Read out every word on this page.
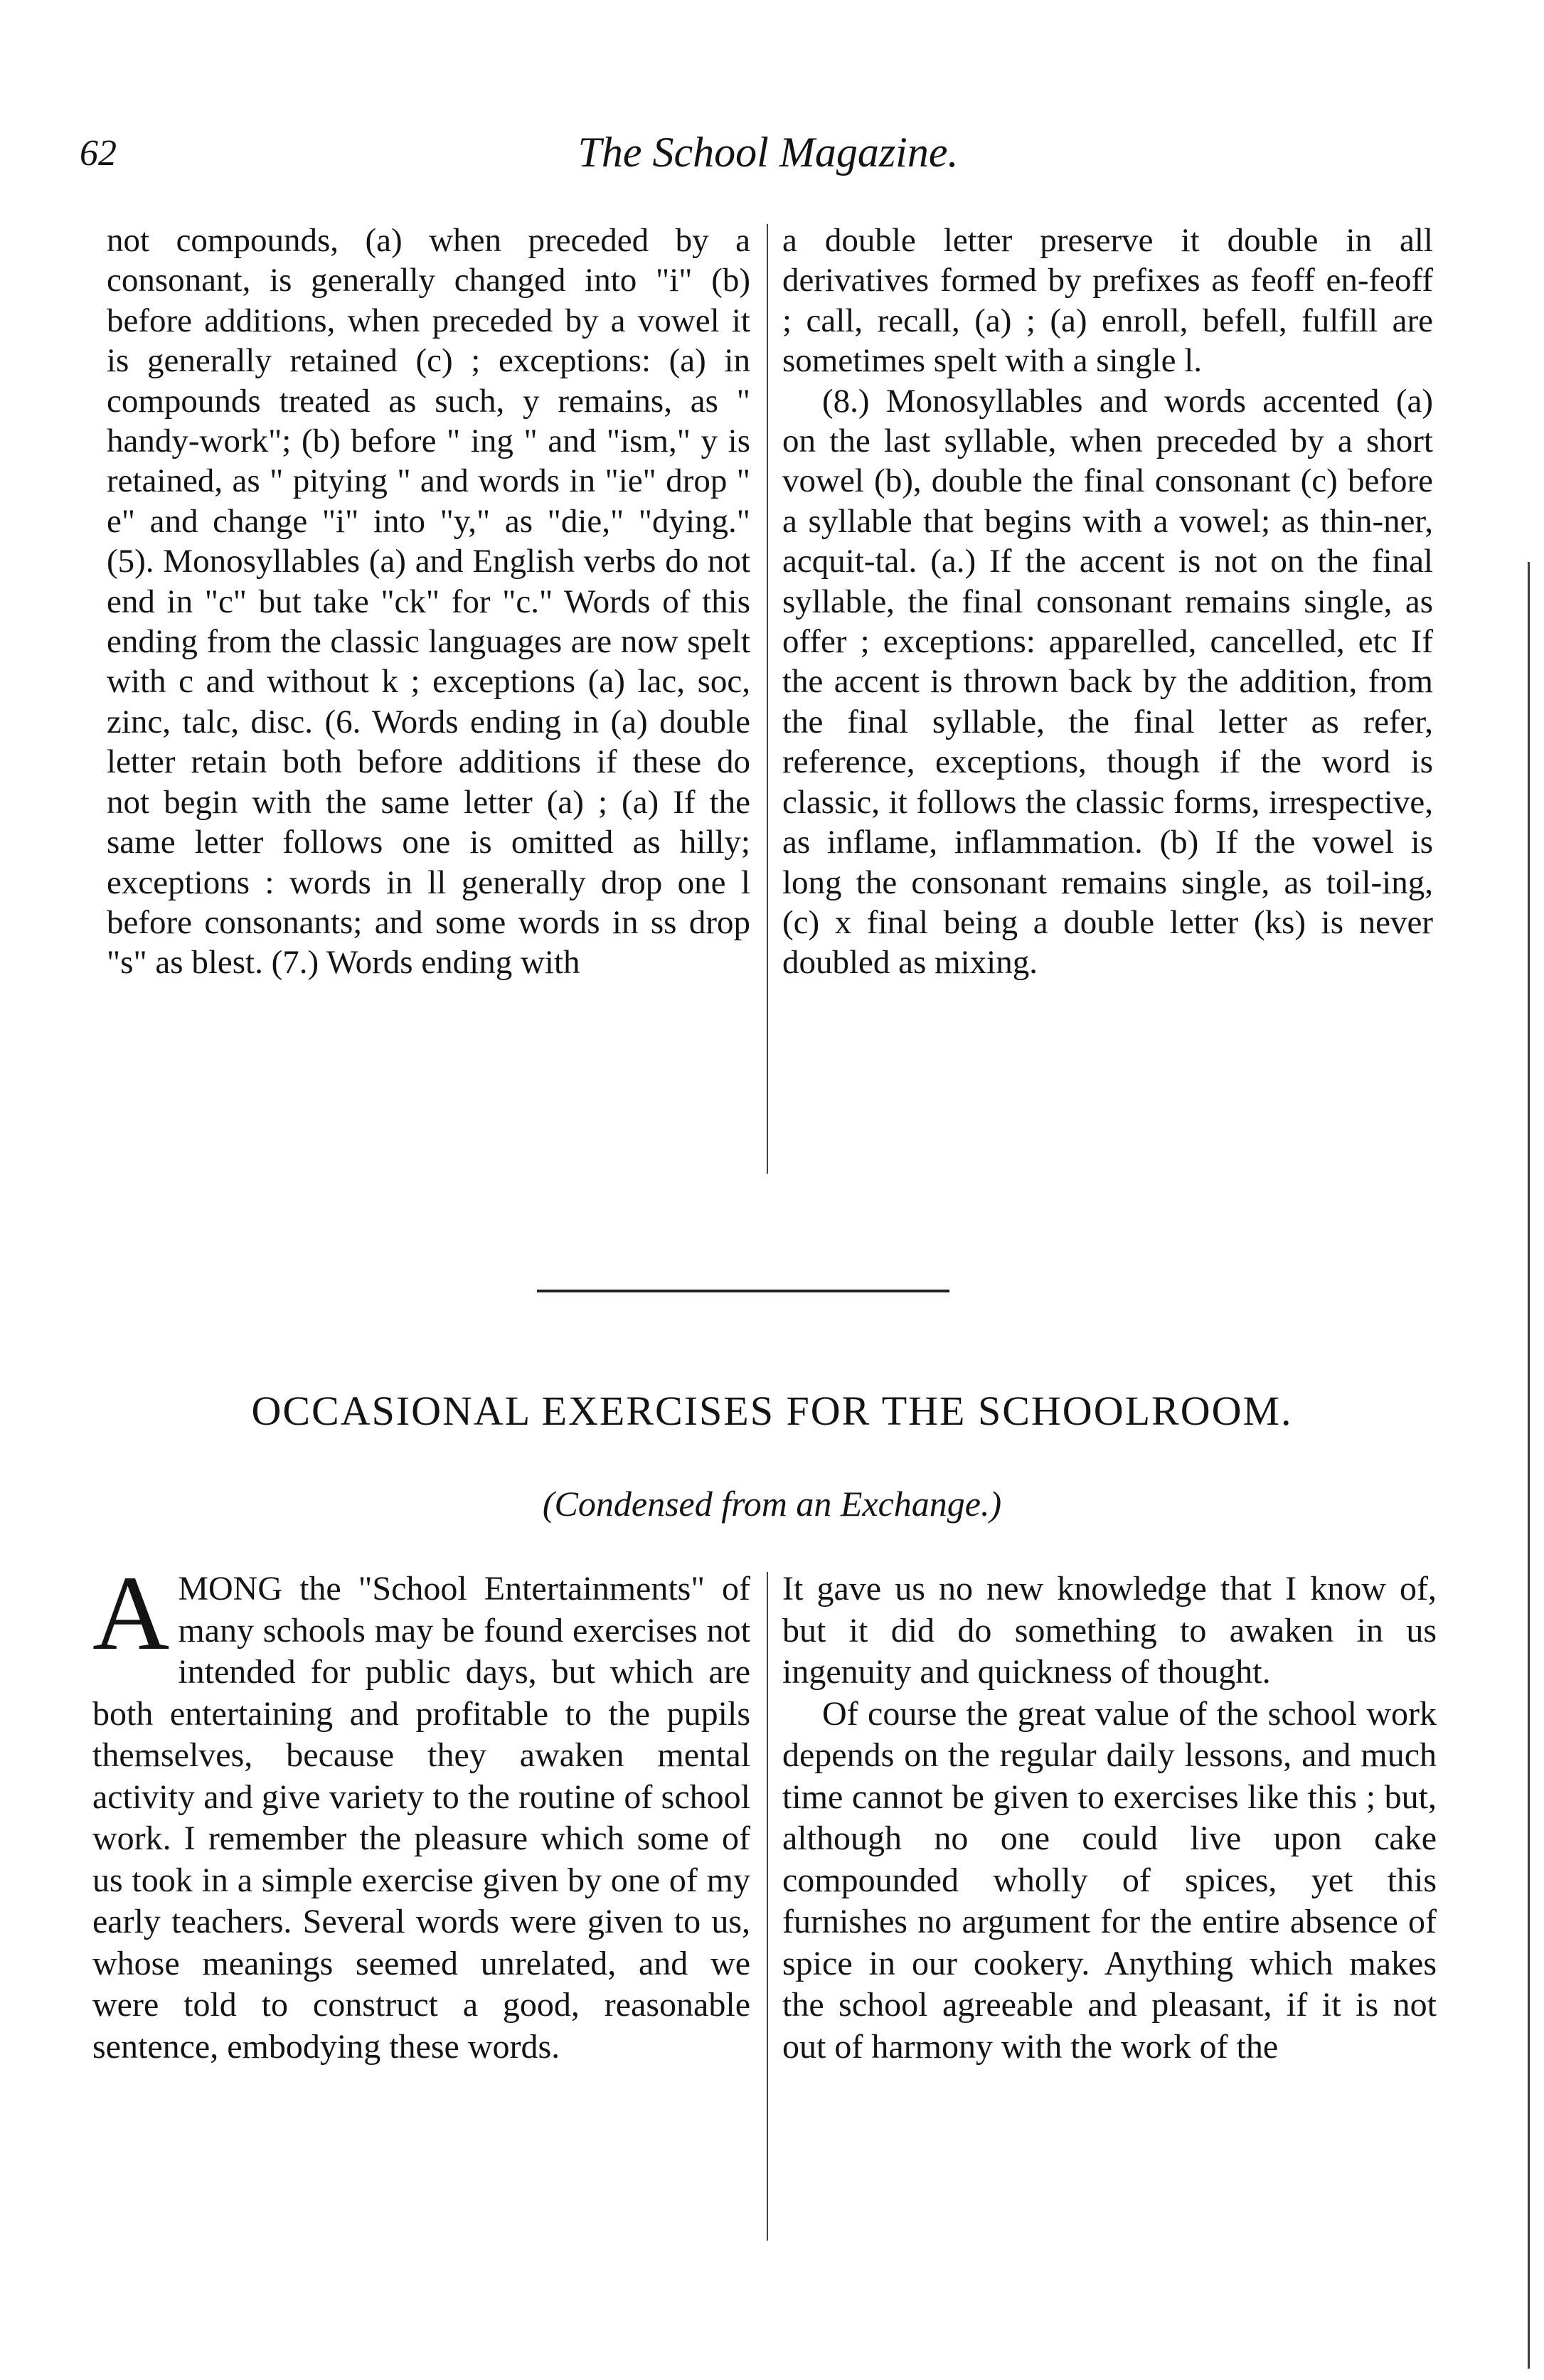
62	The School Magazine.

not compounds, (a) when preceded by a consonant, is generally changed into "i" (b) before additions, when preceded by a vowel it is generally retained (c) ; exceptions: (a) in compounds treated as such, y remains, as " handy-work"; (b) before " ing " and "ism," y is retained, as " pitying " and words in "ie" drop " e" and change "i" into "y," as "die," "dying." (5). Monosyllables (a) and English verbs do not end in "c" but take "ck" for "c." Words of this ending from the classic languages are now spelt with c and without k ; exceptions (a) lac, soc, zinc, talc, disc. (6. Words ending in (a) double letter retain both before additions if these do not begin with the same letter (a) ; (a) If the same letter follows one is omitted as hilly; exceptions : words in ll generally drop one l before consonants; and some words in ss drop "s" as blest. (7.) Words ending with

a double letter preserve it double in all derivatives formed by prefixes as feoff en-feoff ; call, recall, (a) ; (a) enroll, befell, fulfill are sometimes spelt with a single l.

(8.) Monosyllables and words accented (a) on the last syllable, when preceded by a short vowel (b), double the final consonant (c) before a syllable that begins with a vowel; as thin-ner, acquit-tal. (a.) If the accent is not on the final syllable, the final consonant remains single, as offer ; exceptions: apparelled, cancelled, etc If the accent is thrown back by the addition, from the final syllable, the final letter as refer, reference, exceptions, though if the word is classic, it follows the classic forms, irrespective, as inflame, inflammation. (b) If the vowel is long the consonant remains single, as toil-ing, (c) x final being a double letter (ks) is never doubled as mixing.

OCCASIONAL EXERCISES FOR THE SCHOOLROOM.
(Condensed from an Exchange.)
A MONG the "School Entertainments" of many schools may be found exercises not intended for public days, but which are both entertaining and profitable to the pupils themselves, because they awaken mental activity and give variety to the routine of school work. I remember the pleasure which some of us took in a simple exercise given by one of my early teachers. Several words were given to us, whose meanings seemed unrelated, and we were told to construct a good, reasonable sentence, embodying these words.

It gave us no new knowledge that I know of, but it did do something to awaken in us ingenuity and quickness of thought.

Of course the great value of the school work depends on the regular daily lessons, and much time cannot be given to exercises like this ; but, although no one could live upon cake compounded wholly of spices, yet this furnishes no argument for the entire absence of spice in our cookery. Anything which makes the school agreeable and pleasant, if it is not out of harmony with the work of the
